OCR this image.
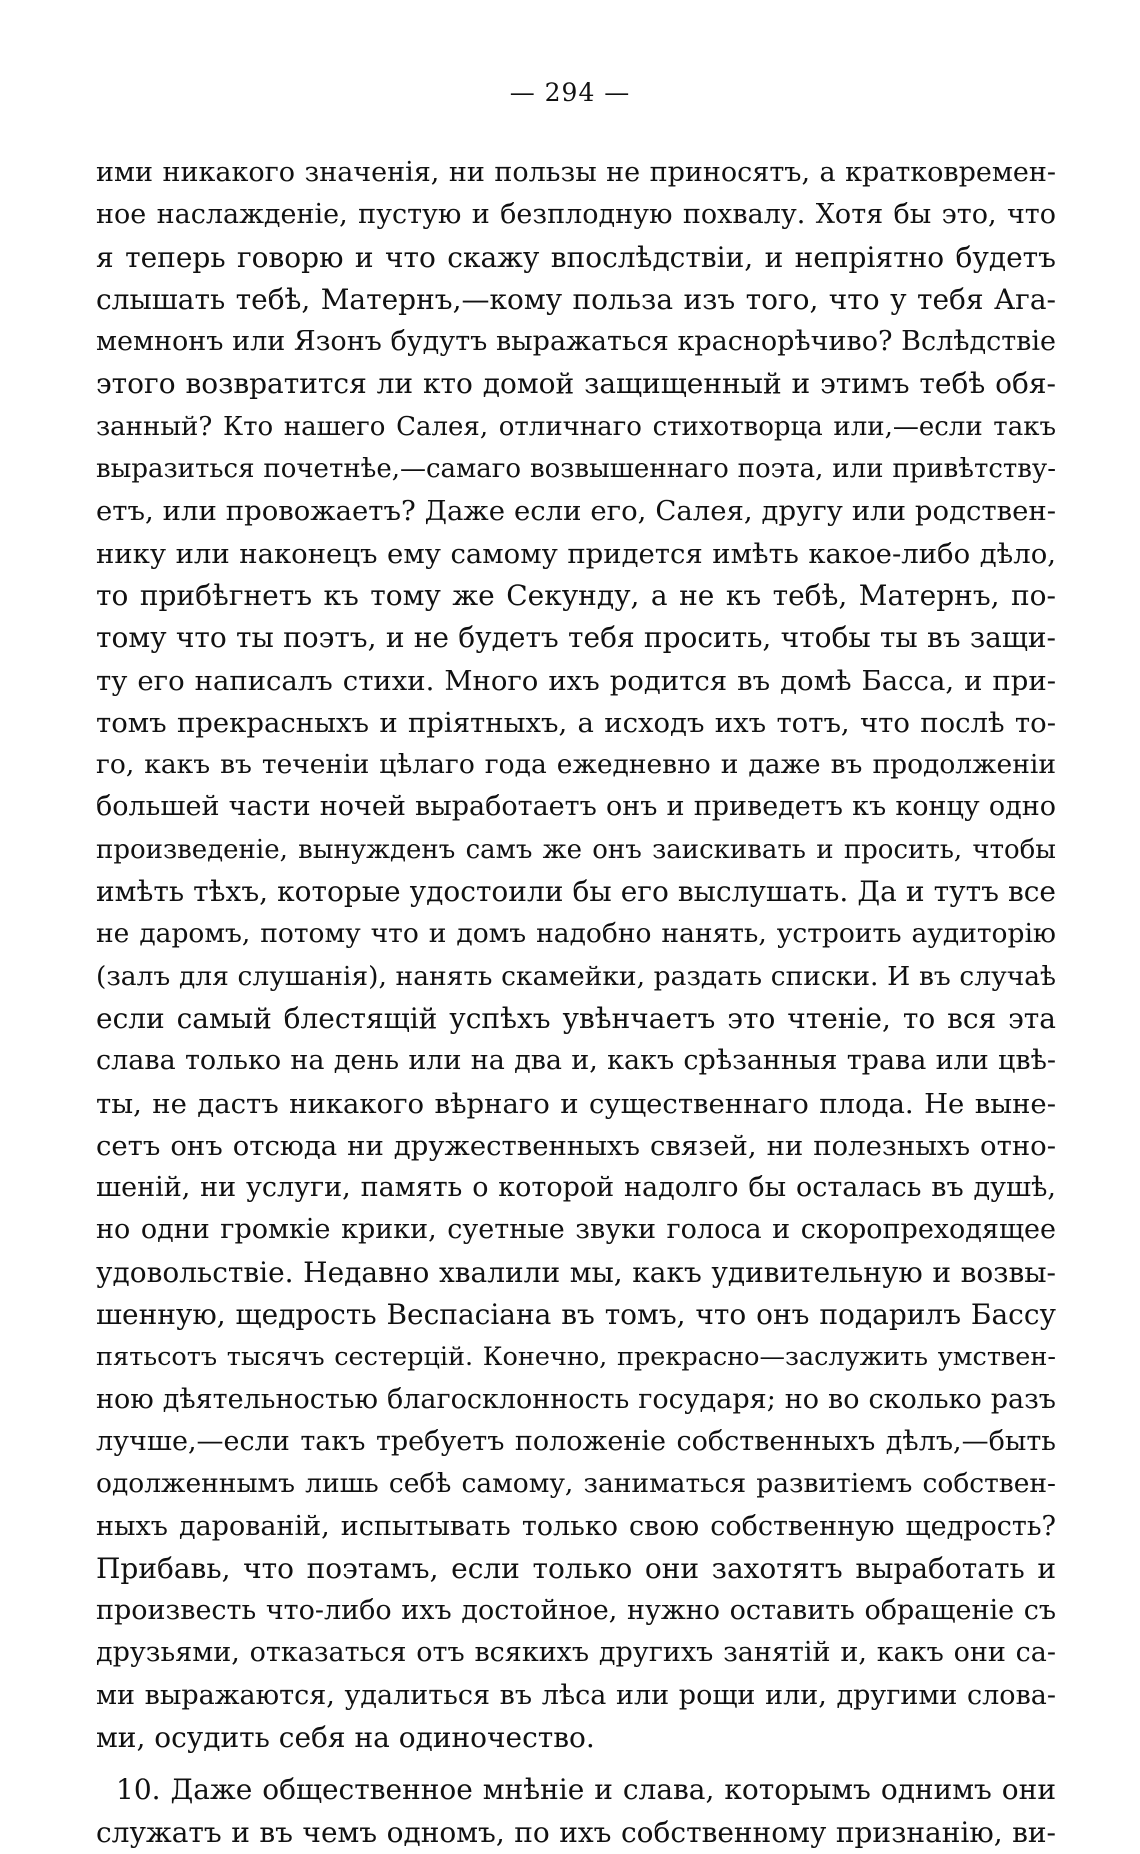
— 294 —
ими никакого значенія, ни пользы не приносятъ, а кратковремен-
ное наслажденіе, пустую и безплодную похвалу. Хотя бы это, что
я теперь говорю и что скажу впослѣдствіи, и непріятно будетъ
слышать тебѣ, Матернъ,—кому польза изъ того, что у тебя Ага-
мемнонъ или Язонъ будутъ выражаться краснорѣчиво? Вслѣдствіе
этого возвратится ли кто домой защищенный и этимъ тебѣ обя-
занный? Кто нашего Салея, отличнаго стихотворца или,—если такъ
выразиться почетнѣе,—самаго возвышеннаго поэта, или привѣтству-
етъ, или провожаетъ? Даже если его, Салея, другу или родствен-
нику или наконецъ ему самому придется имѣть какое-либо дѣло,
то прибѣгнетъ къ тому же Секунду, а не къ тебѣ, Матернъ, по-
тому что ты поэтъ, и не будетъ тебя просить, чтобы ты въ защи-
ту его написалъ стихи. Много ихъ родится въ домѣ Басса, и при-
томъ прекрасныхъ и пріятныхъ, а исходъ ихъ тотъ, что послѣ то-
го, какъ въ теченіи цѣлаго года ежедневно и даже въ продолженіи
большей части ночей выработаетъ онъ и приведетъ къ концу одно
произведеніе, вынужденъ самъ же онъ заискивать и просить, чтобы
имѣть тѣхъ, которые удостоили бы его выслушать. Да и тутъ все
не даромъ, потому что и домъ надобно нанять, устроить аудиторію
(залъ для слушанія), нанять скамейки, раздать списки. И въ случаѣ
если самый блестящій успѣхъ увѣнчаетъ это чтеніе, то вся эта
слава только на день или на два и, какъ срѣзанныя трава или цвѣ-
ты, не дастъ никакого вѣрнаго и существеннаго плода. Не вынe-
сетъ онъ отсюда ни дружественныхъ связей, ни полезныхъ отно-
шеній, ни услуги, память о которой надолго бы осталась въ душѣ,
но одни громкіе крики, суетные звуки голоса и скоропреходящее
удовольствіе. Недавно хвалили мы, какъ удивительную и возвы-
шенную, щедрость Веспасіана въ томъ, что онъ подарилъ Бассу
пятьсотъ тысячъ сестерцій. Конечно, прекрасно—заслужить умствен-
ною дѣятельностью благосклонность государя; но во сколько разъ
лучше,—если такъ требуетъ положеніе собственныхъ дѣлъ,—быть
одолженнымъ лишь себѣ самому, заниматься развитіемъ собствен-
ныхъ дарованій, испытывать только свою собственную щедрость?
Прибавь, что поэтамъ, если только они захотятъ выработать и
произвесть что-либо ихъ достойное, нужно оставить обращеніе съ
друзьями, отказаться отъ всякихъ другихъ занятій и, какъ они са-
ми выражаются, удалиться въ лѣса или рощи или, другими слова-
ми, осудить себя на одиночество.
10. Даже общественное мнѣніе и слава, которымъ однимъ они
служатъ и въ чемъ одномъ, по ихъ собственному признанію, ви-
